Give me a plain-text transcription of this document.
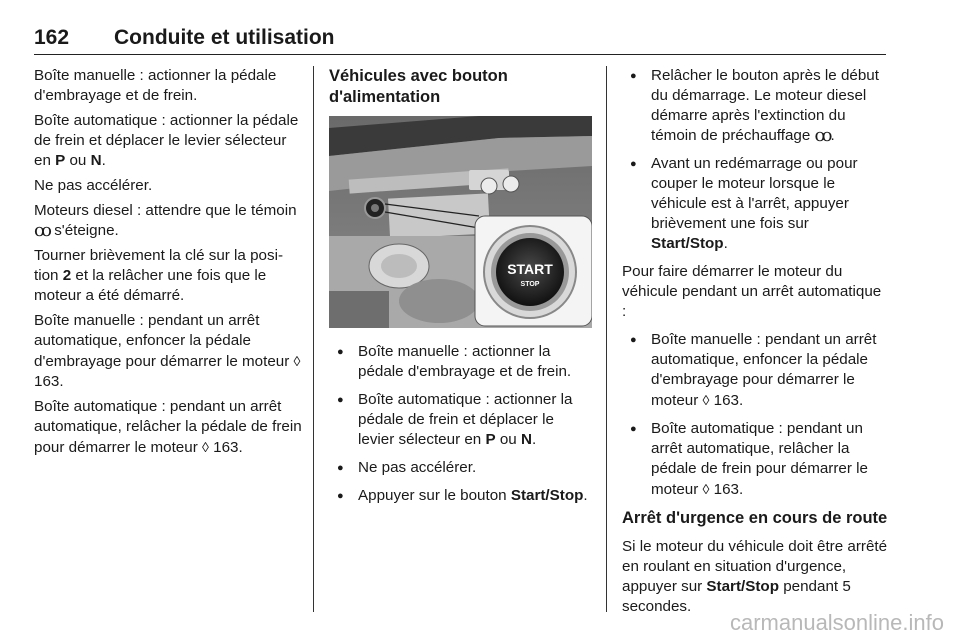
162 Conduite et utilisation

Boîte manuelle : actionner la pédale d'embrayage et de frein.

Boîte automatique : actionner la pédale de frein et déplacer le levier sélecteur en P ou N.

Ne pas accélérer.

Moteurs diesel : attendre que le témoin ꝏ s'éteigne.

Tourner brièvement la clé sur la position 2 et la relâcher une fois que le moteur a été démarré.

Boîte manuelle : pendant un arrêt automatique, enfoncer la pédale d'embrayage pour démarrer le moteur ◊ 163.

Boîte automatique : pendant un arrêt automatique, relâcher la pédale de frein pour démarrer le moteur ◊ 163.

Véhicules avec bouton d'alimentation
START
STOP
● Boîte manuelle : actionner la pédale d'embrayage et de frein.
● Boîte automatique : actionner la pédale de frein et déplacer le levier sélecteur en P ou N.
● Ne pas accélérer.
● Appuyer sur le bouton Start/Stop.
● Relâcher le bouton après le début du démarrage. Le moteur diesel démarre après l'extinction du témoin de préchauffage ꝏ.
● Avant un redémarrage ou pour couper le moteur lorsque le véhicule est à l'arrêt, appuyer brièvement une fois sur Start/Stop.

Pour faire démarrer le moteur du véhicule pendant un arrêt automatique :

● Boîte manuelle : pendant un arrêt automatique, enfoncer la pédale d'embrayage pour démarrer le moteur ◊ 163.
● Boîte automatique : pendant un arrêt automatique, relâcher la pédale de frein pour démarrer le moteur ◊ 163.
Arrêt d'urgence en cours de route

Si le moteur du véhicule doit être arrêté en roulant en situation d'urgence, appuyer sur Start/Stop pendant 5 secondes.

carmanualsonline.info
